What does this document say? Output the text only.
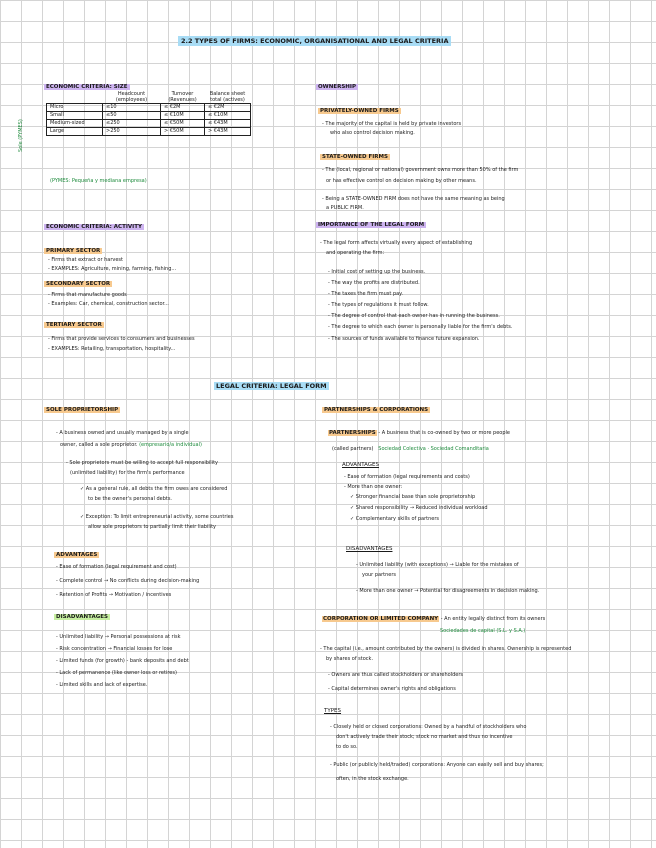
2.2 TYPES OF FIRMS: ECONOMIC, ORGANISATIONAL AND LEGAL CRITERIA
ECONOMIC CRITERIA: SIZE
Sole (PYMES)
	Headcount (employees)	Turnover (Revenues)	Balance sheet total (actives)
Micro	≤10	≤ €2M	≤ €2M
Small	≤50	≤ €10M	≤ €10M
Medium-sized	≤250	≤ €50M	≤ €43M
Large	>250	> €50M	> €43M
(PYMES: Pequeña y mediana empresa)
ECONOMIC CRITERIA: ACTIVITY
PRIMARY SECTOR
- Firms that extract or harvest
- EXAMPLES: Agriculture, mining, farming, fishing...
SECONDARY SECTOR
- Firms that manufacture goods
- Examples: Car, chemical, construction sector...
TERTIARY SECTOR
- Firms that provide services to consumers and businesses
- EXAMPLES: Retailing, transportation, hospitality...
OWNERSHIP
PRIVATELY-OWNED FIRMS
- The majority of the capital is held by private investors
who also control decision making.
STATE-OWNED FIRMS
- The (local, regional or national) government owns more than 50% of the firm
or has effective control on decision making by other means.
- Being a STATE-OWNED FIRM does not have the same meaning as being
a PUBLIC FIRM.
IMPORTANCE OF THE LEGAL FORM
- The legal form affects virtually every aspect of establishing
and operating the firm:
- Initial cost of setting up the business.
- The way the profits are distributed.
- The taxes the firm must pay.
- The types of regulations it must follow.
- The degree of control that each owner has in running the business.
- The degree to which each owner is personally liable for the firm's debts.
- The sources of funds available to finance future expansion.
LEGAL CRITERIA: LEGAL FORM
SOLE PROPRIETORSHIP
- A business owned and usually managed by a single
owner, called a sole proprietor. (empresario/a individual)
- Sole proprietors must be willing to accept full responsibility
(unlimited liability) for the firm's performance
✓ As a general rule, all debts the firm owes are considered
to be the owner's personal debts.
✓ Exception: To limit entrepreneurial activity, some countries
allow sole proprietors to partially limit their liability
ADVANTAGES
- Ease of formation (legal requirement and cost)
- Complete control → No conflicts during decision-making
- Retention of Profits → Motivation / incentives
DISADVANTAGES
- Unlimited liability → Personal possessions at risk
- Risk concentration → Financial losses for lose
- Limited funds (for growth) - bank deposits and debt
- Lack of permanence (like owner loss or retires)
- Limited skills and lack of expertise.
PARTNERSHIPS & CORPORATIONS
PARTNERSHIPS - A business that is co-owned by two or more people
(called partners) Sociedad Colectiva · Sociedad Comanditaria
ADVANTAGES
- Ease of formation (legal requirements and costs)
- More than one owner:
✓ Stronger financial base than sole proprietorship
✓ Shared responsibility → Reduced individual workload
✓ Complementary skills of partners
DISADVANTAGES
- Unlimited liability (with exceptions) → Liable for the mistakes of
your partners
- More than one owner → Potential for disagreements in decision making.
CORPORATION OR LIMITED COMPANY - An entity legally distinct from its owners
Sociedades de capital (S.L. y S.A.)
- The capital (i.e., amount contributed by the owners) is divided in shares. Ownership is represented
by shares of stock.
- Owners are thus called stockholders or shareholders
- Capital determines owner's rights and obligations
TYPES
- Closely held or closed corporations: Owned by a handful of stockholders who
don't actively trade their stock; stock no market and thus no incentive
to do so.
- Public (or publicly held/traded) corporations: Anyone can easily sell and buy shares;
often, in the stock exchange.
